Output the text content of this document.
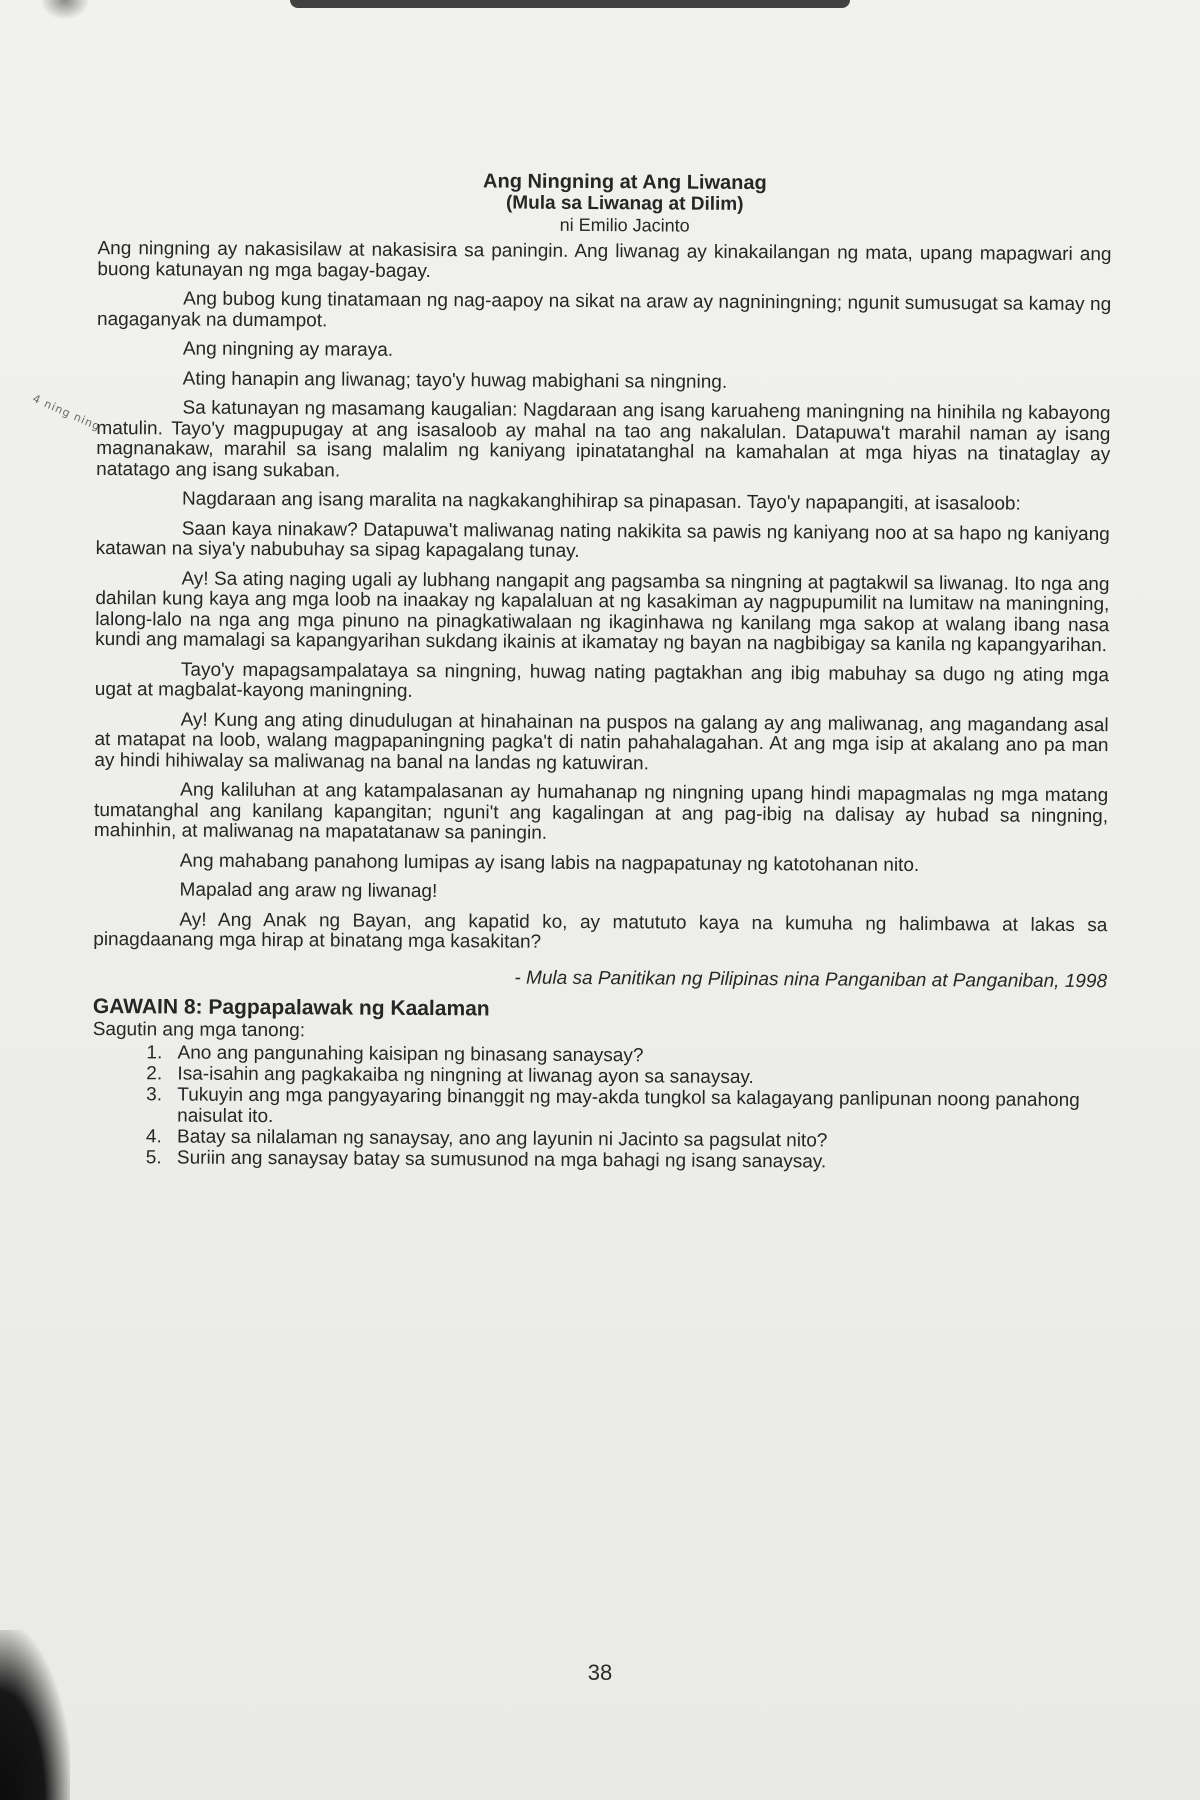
4 ning ning
Ang Ningning at Ang Liwanag
(Mula sa Liwanag at Dilim)
ni Emilio Jacinto

Ang ningning ay nakasisilaw at nakasisira sa paningin. Ang liwanag ay kinakailangan ng mata, upang mapagwari ang buong katunayan ng mga bagay-bagay.

Ang bubog kung tinatamaan ng nag-aapoy na sikat na araw ay nagniningning; ngunit sumusugat sa kamay ng nagaganyak na dumampot.

Ang ningning ay maraya.

Ating hanapin ang liwanag; tayo'y huwag mabighani sa ningning.

Sa katunayan ng masamang kaugalian: Nagdaraan ang isang karuaheng maningning na hinihila ng kabayong matulin. Tayo'y magpupugay at ang isasaloob ay mahal na tao ang nakalulan. Datapuwa't marahil naman ay isang magnanakaw, marahil sa isang malalim ng kaniyang ipinatatanghal na kamahalan at mga hiyas na tinataglay ay natatago ang isang sukaban.

Nagdaraan ang isang maralita na nagkakanghihirap sa pinapasan. Tayo'y napapangiti, at isasaloob:

Saan kaya ninakaw? Datapuwa't maliwanag nating nakikita sa pawis ng kaniyang noo at sa hapo ng kaniyang katawan na siya'y nabubuhay sa sipag kapagalang tunay.

Ay! Sa ating naging ugali ay lubhang nangapit ang pagsamba sa ningning at pagtakwil sa liwanag. Ito nga ang dahilan kung kaya ang mga loob na inaakay ng kapalaluan at ng kasakiman ay nagpupumilit na lumitaw na maningning, lalong-lalo na nga ang mga pinuno na pinagkatiwalaan ng ikaginhawa ng kanilang mga sakop at walang ibang nasa kundi ang mamalagi sa kapangyarihan sukdang ikainis at ikamatay ng bayan na nagbibigay sa kanila ng kapangyarihan.

Tayo'y mapagsampalataya sa ningning, huwag nating pagtakhan ang ibig mabuhay sa dugo ng ating mga ugat at magbalat-kayong maningning.

Ay! Kung ang ating dinudulugan at hinahainan na puspos na galang ay ang maliwanag, ang magandang asal at matapat na loob, walang magpapaningning pagka't di natin pahahalagahan. At ang mga isip at akalang ano pa man ay hindi hihiwalay sa maliwanag na banal na landas ng katuwiran.

Ang kaliluhan at ang katampalasanan ay humahanap ng ningning upang hindi mapagmalas ng mga matang tumatanghal ang kanilang kapangitan; nguni't ang kagalingan at ang pag-ibig na dalisay ay hubad sa ningning, mahinhin, at maliwanag na mapatatanaw sa paningin.

Ang mahabang panahong lumipas ay isang labis na nagpapatunay ng katotohanan nito.

Mapalad ang araw ng liwanag!

Ay! Ang Anak ng Bayan, ang kapatid ko, ay matututo kaya na kumuha ng halimbawa at lakas sa pinagdaanang mga hirap at binatang mga kasakitan?

- Mula sa Panitikan ng Pilipinas nina Panganiban at Panganiban, 1998
GAWAIN 8: Pagpapalawak ng Kaalaman
Sagutin ang mga tanong:
1. Ano ang pangunahing kaisipan ng binasang sanaysay?
2. Isa-isahin ang pagkakaiba ng ningning at liwanag ayon sa sanaysay.
3. Tukuyin ang mga pangyayaring binanggit ng may-akda tungkol sa kalagayang panlipunan noong panahong naisulat ito.
4. Batay sa nilalaman ng sanaysay, ano ang layunin ni Jacinto sa pagsulat nito?
5. Suriin ang sanaysay batay sa sumusunod na mga bahagi ng isang sanaysay.
38
